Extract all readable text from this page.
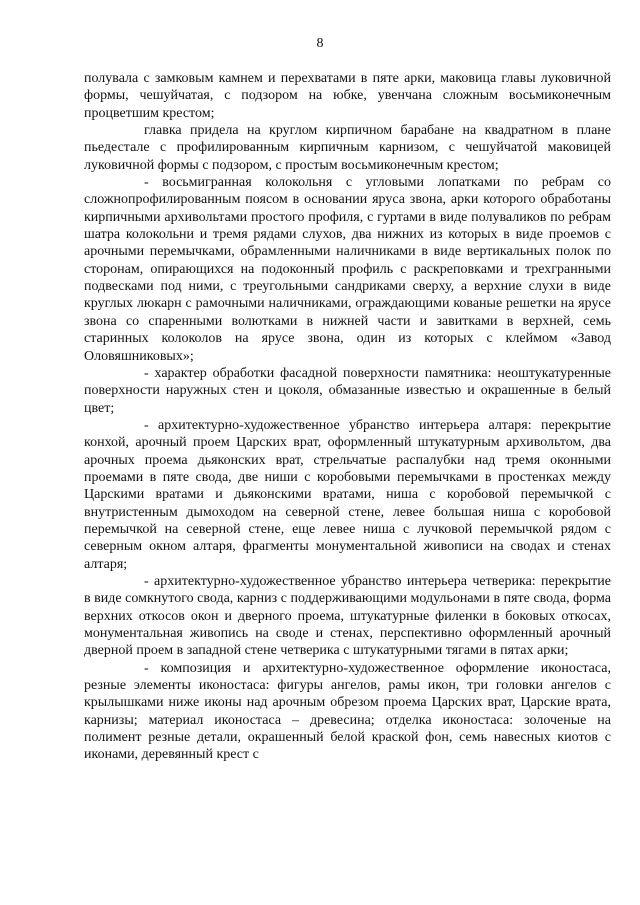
8

полувала с замковым камнем и перехватами в пяте арки, маковица главы луковичной формы, чешуйчатая, с подзором на юбке, увенчана сложным восьмиконечным процветшим крестом;

главка придела на круглом кирпичном барабане на квадратном в плане пьедестале с профилированным кирпичным карнизом, с чешуйчатой маковицей луковичной формы с подзором, с простым восьмиконечным крестом;

- восьмигранная колокольня с угловыми лопатками по ребрам со сложнопрофилированным поясом в основании яруса звона, арки которого обработаны кирпичными архивольтами простого профиля, с гуртами в виде полуваликов по ребрам шатра колокольни и тремя рядами слухов, два нижних из которых в виде проемов с арочными перемычками, обрамленными наличниками в виде вертикальных полок по сторонам, опирающихся на подоконный профиль с раскреповками и трехгранными подвесками под ними, с треугольными сандриками сверху, а верхние слухи в виде круглых люкарн с рамочными наличниками, ограждающими кованые решетки на ярусе звона со спаренными волютками в нижней части и завитками в верхней, семь старинных колоколов на ярусе звона, один из которых с клеймом «Завод Оловяшниковых»;

- характер обработки фасадной поверхности памятника: неоштукатуренные поверхности наружных стен и цоколя, обмазанные известью и окрашенные в белый цвет;

- архитектурно-художественное убранство интерьера алтаря: перекрытие конхой, арочный проем Царских врат, оформленный штукатурным архивольтом, два арочных проема дьяконских врат, стрельчатые распалубки над тремя оконными проемами в пяте свода, две ниши с коробовыми перемычками в простенках между Царскими вратами и дьяконскими вратами, ниша с коробовой перемычкой с внутристенным дымоходом на северной стене, левее большая ниша с коробовой перемычкой на северной стене, еще левее ниша с лучковой перемычкой рядом с северным окном алтаря, фрагменты монументальной живописи на сводах и стенах алтаря;

- архитектурно-художественное убранство интерьера четверика: перекрытие в виде сомкнутого свода, карниз с поддерживающими модульонами в пяте свода, форма верхних откосов окон и дверного проема, штукатурные филенки в боковых откосах, монументальная живопись на своде и стенах, перспективно оформленный арочный дверной проем в западной стене четверика с штукатурными тягами в пятах арки;

- композиция и архитектурно-художественное оформление иконостаса, резные элементы иконостаса: фигуры ангелов, рамы икон, три головки ангелов с крылышками ниже иконы над арочным обрезом проема Царских врат, Царские врата, карнизы; материал иконостаса – древесина; отделка иконостаса: золоченые на полимент резные детали, окрашенный белой краской фон, семь навесных киотов с иконами, деревянный крест с
